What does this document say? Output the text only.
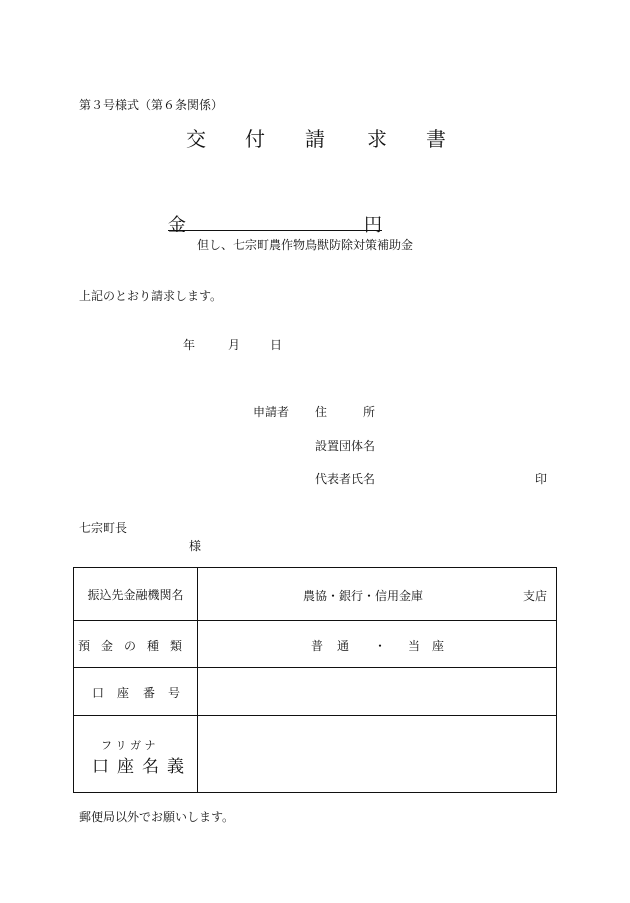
第３号様式（第６条関係）
交 付 請 求 書
金	円
但し、七宗町農作物鳥獣防除対策補助金
上記のとおり請求します。
年	月 日
申請者 住	所
設置団体名
代表者氏名	印
七宗町長
様
振込先金融機関名	農協・銀行・信用金庫 支店

預 金 の 種 類	普 通 ・ 当 座

口 座 番 号	

フ リ ガ ナ
口 座 名 義	

郵便局以外でお願いします。
